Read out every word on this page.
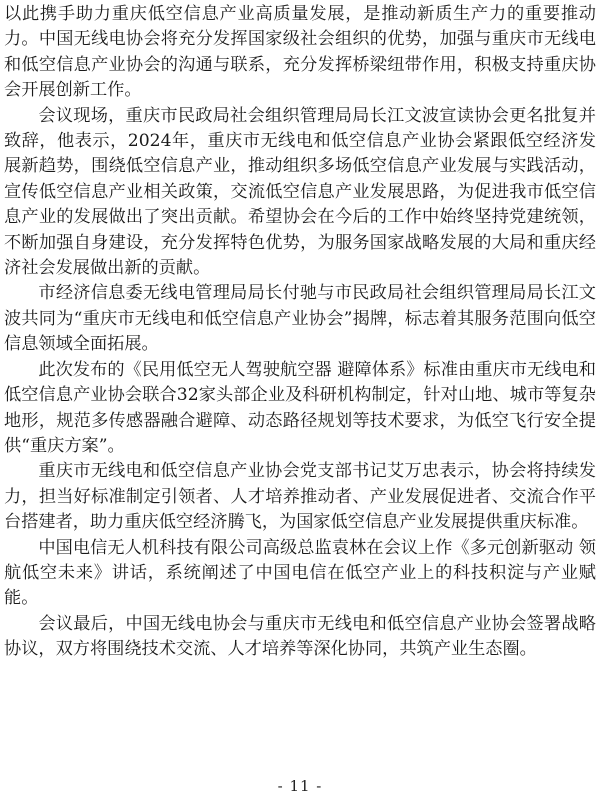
以此携手助力重庆低空信息产业高质量发展，是推动新质生产力的重要推动力。中国无线电协会将充分发挥国家级社会组织的优势，加强与重庆市无线电和低空信息产业协会的沟通与联系，充分发挥桥梁纽带作用，积极支持重庆协会开展创新工作。

会议现场，重庆市民政局社会组织管理局局长江文波宣读协会更名批复并致辞，他表示，2024年，重庆市无线电和低空信息产业协会紧跟低空经济发展新趋势，围绕低空信息产业，推动组织多场低空信息产业发展与实践活动，宣传低空信息产业相关政策，交流低空信息产业发展思路，为促进我市低空信息产业的发展做出了突出贡献。希望协会在今后的工作中始终坚持党建统领，不断加强自身建设，充分发挥特色优势，为服务国家战略发展的大局和重庆经济社会发展做出新的贡献。

市经济信息委无线电管理局局长付驰与市民政局社会组织管理局局长江文波共同为“重庆市无线电和低空信息产业协会”揭牌，标志着其服务范围向低空信息领域全面拓展。

此次发布的《民用低空无人驾驶航空器 避障体系》标准由重庆市无线电和低空信息产业协会联合32家头部企业及科研机构制定，针对山地、城市等复杂地形，规范多传感器融合避障、动态路径规划等技术要求，为低空飞行安全提供“重庆方案”。

重庆市无线电和低空信息产业协会党支部书记艾万忠表示，协会将持续发力，担当好标准制定引领者、人才培养推动者、产业发展促进者、交流合作平台搭建者，助力重庆低空经济腾飞，为国家低空信息产业发展提供重庆标准。

中国电信无人机科技有限公司高级总监袁林在会议上作《多元创新驱动 领航低空未来》讲话，系统阐述了中国电信在低空产业上的科技积淀与产业赋能。

会议最后，中国无线电协会与重庆市无线电和低空信息产业协会签署战略协议，双方将围绕技术交流、人才培养等深化协同，共筑产业生态圈。

- 11 -
